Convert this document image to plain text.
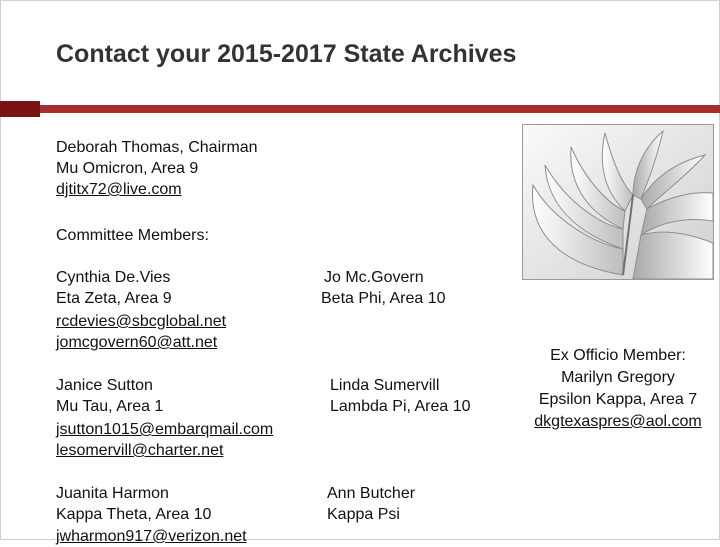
Contact your 2015-2017 State Archives
Deborah Thomas, Chairman
Mu Omicron, Area 9
djtitx72@live.com
Committee Members:
Cynthia De.Vies
Eta Zeta, Area 9
rcdevies@sbcglobal.net
Jo Mc.Govern
Beta Phi, Area 10
jomcgovern60@att.net
Janice Sutton
Mu Tau, Area 1
jsutton1015@embarqmail.com
Linda Sumervill
Lambda Pi, Area 10
lesomervill@charter.net
Juanita Harmon
Kappa Theta, Area 10
jwharmon917@verizon.net
Ann Butcher
Kappa Psi
Ex Officio Member:
Marilyn Gregory
Epsilon Kappa, Area 7
dkgtexaspres@aol.com
